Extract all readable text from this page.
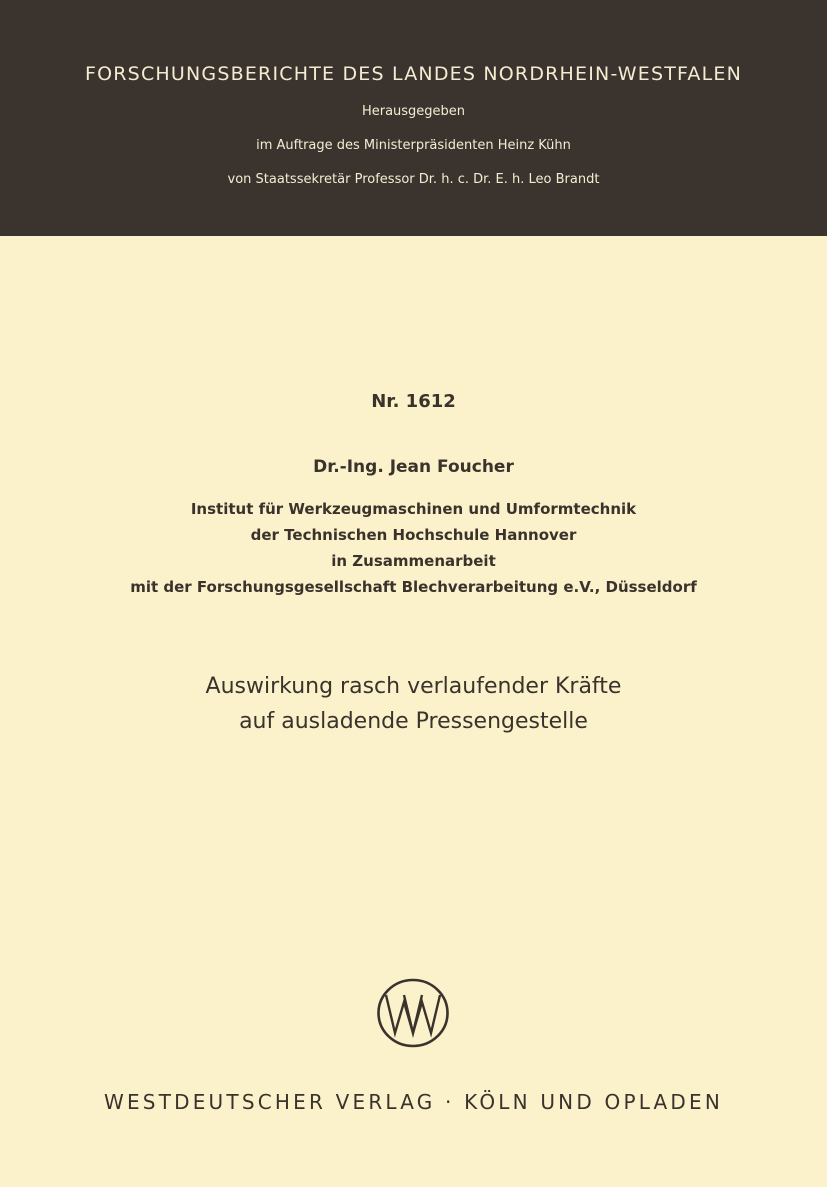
FORSCHUNGSBERICHTE DES LANDES NORDRHEIN-WESTFALEN
Herausgegeben
im Auftrage des Ministerpräsidenten Heinz Kühn
von Staatssekretär Professor Dr. h. c. Dr. E. h. Leo Brandt
Nr. 1612
Dr.-Ing. Jean Foucher
Institut für Werkzeugmaschinen und Umformtechnik
der Technischen Hochschule Hannover
in Zusammenarbeit
mit der Forschungsgesellschaft Blechverarbeitung e.V., Düsseldorf
Auswirkung rasch verlaufender Kräfte
auf ausladende Pressengestelle
WESTDEUTSCHER VERLAG · KÖLN UND OPLADEN
